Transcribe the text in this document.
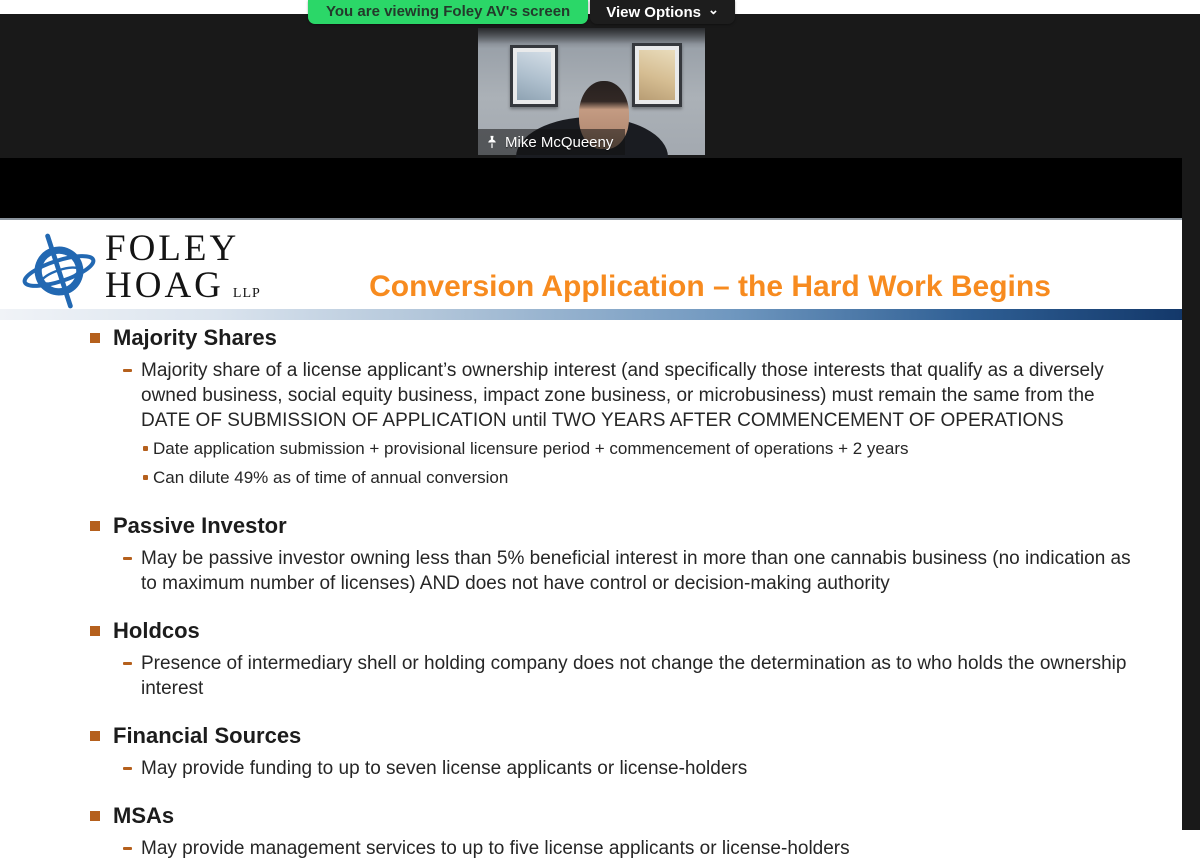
You are viewing Foley AV's screen	View Options ⌄
Mike McQueeny
FOLEY
HOAG LLP	Conversion Application – the Hard Work Begins
Majority Shares
Majority share of a license applicant’s ownership interest (and specifically those interests that qualify as a diversely owned business, social equity business, impact zone business, or microbusiness) must remain the same from the DATE OF SUBMISSION OF APPLICATION until TWO YEARS AFTER COMMENCEMENT OF OPERATIONS
Date application submission + provisional licensure period + commencement of operations + 2 years
Can dilute 49% as of time of annual conversion
Passive Investor
May be passive investor owning less than 5% beneficial interest in more than one cannabis business (no indication as to maximum number of licenses) AND does not have control or decision-making authority
Holdcos
Presence of intermediary shell or holding company does not change the determination as to who holds the ownership interest
Financial Sources
May provide funding to up to seven license applicants or license-holders
MSAs
May provide management services to up to five license applicants or license-holders
